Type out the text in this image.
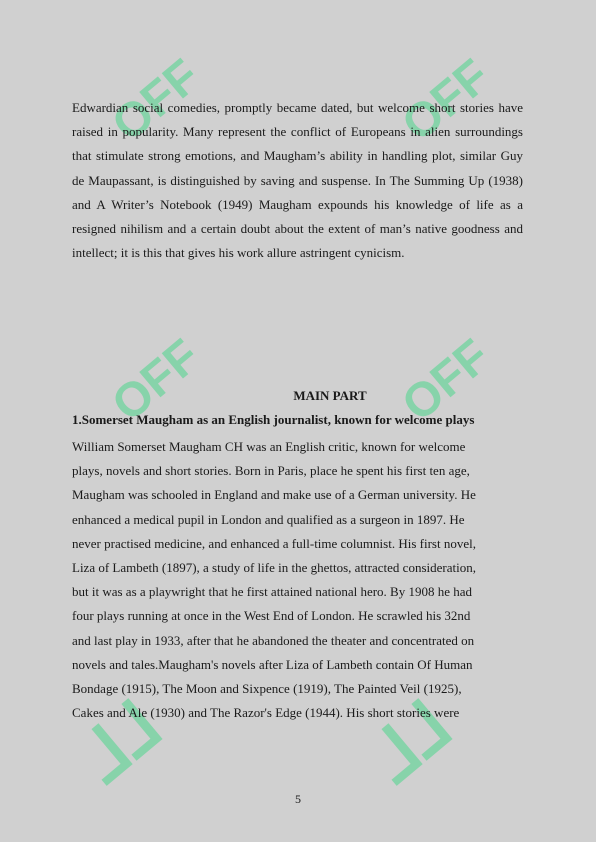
OFF	OFF
OFF	OFF
⅃⅃	⅃⅃
Edwardian social comedies, promptly became dated, but welcome short stories have raised in popularity. Many represent the conflict of Europeans in alien surroundings that stimulate strong emotions, and Maugham’s ability in handling plot, similar Guy de Maupassant, is distinguished by saving and suspense. In The Summing Up (1938) and A Writer’s Notebook (1949) Maugham expounds his knowledge of life as a resigned nihilism and a certain doubt about the extent of man’s native goodness and intellect; it is this that gives his work allure astringent cynicism.
MAIN PART
1.Somerset Maugham as an English journalist, known for welcome plays
William Somerset Maugham CH was an English critic, known for welcome
plays, novels and short stories. Born in Paris, place he spent his first ten age,
Maugham was schooled in England and make use of a German university. He
enhanced a medical pupil in London and qualified as a surgeon in 1897. He
never practised medicine, and enhanced a full-time columnist. His first novel,
Liza of Lambeth (1897), a study of life in the ghettos, attracted consideration,
but it was as a playwright that he first attained national hero. By 1908 he had
four plays running at once in the West End of London. He scrawled his 32nd
and last play in 1933, after that he abandoned the theater and concentrated on
novels and tales.Maugham's novels after Liza of Lambeth contain Of Human
Bondage (1915), The Moon and Sixpence (1919), The Painted Veil (1925),
Cakes and Ale (1930) and The Razor's Edge (1944). His short stories were
5
